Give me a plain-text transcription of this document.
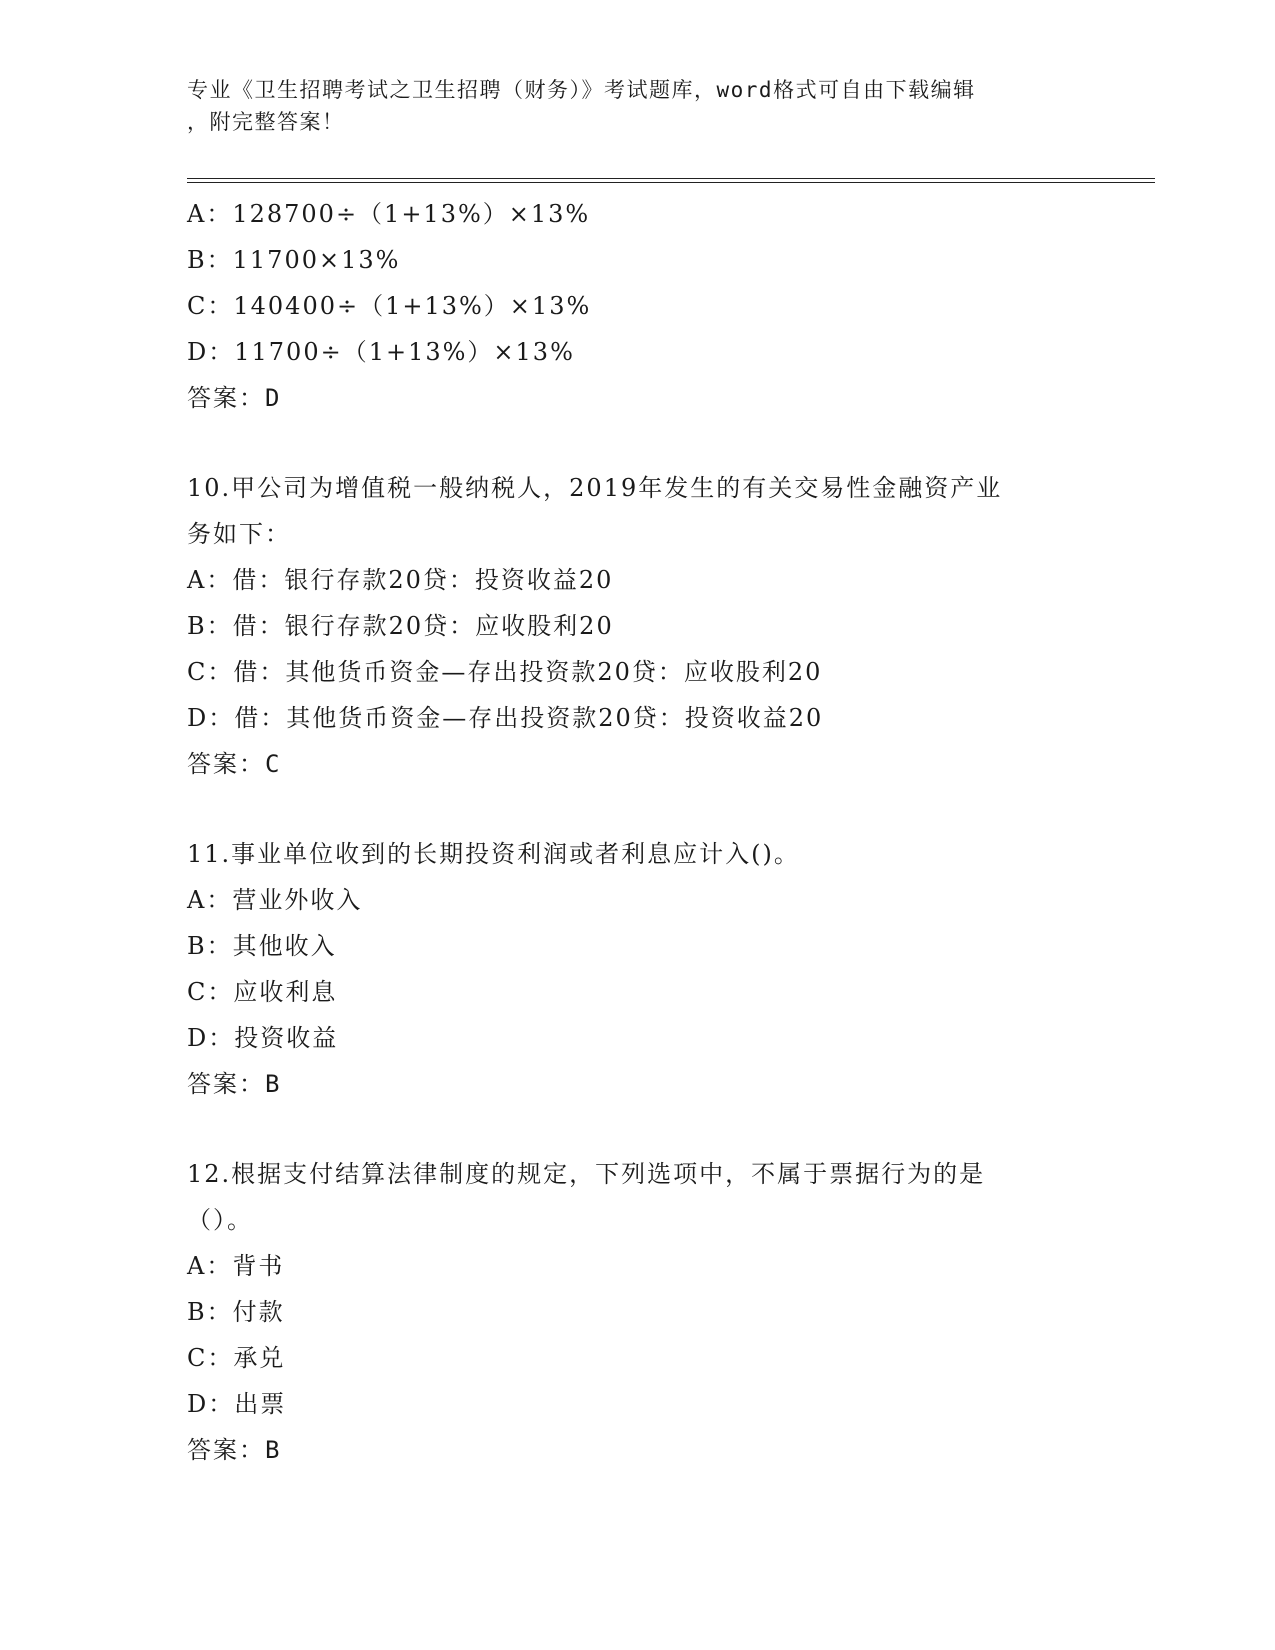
专业《卫生招聘考试之卫生招聘（财务）》考试题库，word格式可自由下载编辑
，附完整答案！
A：128700÷（1+13%）×13%
B：11700×13%
C：140400÷（1+13%）×13%
D：11700÷（1+13%）×13%
答案：D
10.甲公司为增值税一般纳税人，2019年发生的有关交易性金融资产业
务如下：
A：借：银行存款20贷：投资收益20
B：借：银行存款20贷：应收股利20
C：借：其他货币资金—存出投资款20贷：应收股利20
D：借：其他货币资金—存出投资款20贷：投资收益20
答案：C
11.事业单位收到的长期投资利润或者利息应计入()。
A：营业外收入
B：其他收入
C：应收利息
D：投资收益
答案：B
12.根据支付结算法律制度的规定，下列选项中，不属于票据行为的是
（）。
A：背书
B：付款
C：承兑
D：出票
答案：B
